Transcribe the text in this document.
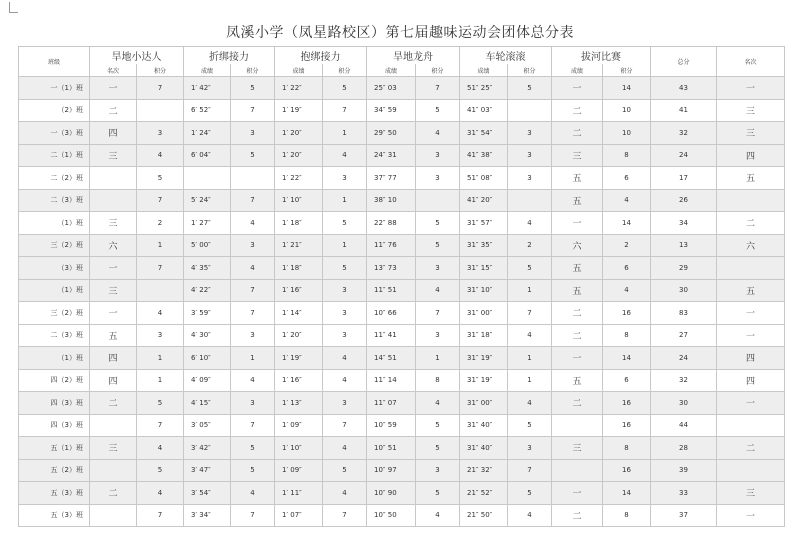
凤溪小学（凤星路校区）第七届趣味运动会团体总分表
班级	旱地小达人		折绑接力		抱绑接力		旱地龙舟		车轮滚滚		拔河比赛		总分	名次
	名次	积分	成绩	积分	成绩	积分	成绩	积分	成绩	积分	成绩	积分		
一（1）班	一	7	1′ 42″	5	1′ 22″	5	25″ 03	7	51″ 25″	5	一	14	43	一
（2）班	二		6′ 52″	7	1′ 19″	7	34″ 59	5	41″ 03″		二	10	41	三
一（3）班	四	3	1′ 24″	3	1′ 20″	1	29″ 50	4	31″ 54″	3	二	10	32	三
二（1）班	三	4	6′ 04″	5	1′ 20″	4	24″ 31	3	41″ 38″	3	三	8	24	四
二（2）班		5			1′ 22″	3	37″ 77	3	51″ 08″	3	五	6	17	五
二（3）班		7	5′ 24″	7	1′ 10″	1	38″ 10		41″ 20″		五	4	26	
（1）班	三	2	1′ 27″	4	1′ 18″	5	22″ 88	5	31″ 57″	4	一	14	34	二
三（2）班	六	1	5′ 00″	3	1′ 21″	1	11″ 76	5	31″ 35″	2	六	2	13	六
（3）班	一	7	4′ 35″	4	1′ 18″	5	13″ 73	3	31″ 15″	5	五	6	29	
（1）班	三		4′ 22″	7	1′ 16″	3	11″ 51	4	31″ 10″	1	五	4	30	五
三（2）班	一	4	3′ 59″	7	1′ 14″	3	10″ 66	7	31″ 00″	7	二	16	83	一
二（3）班	五	3	4′ 30″	3	1′ 20″	3	11″ 41	3	31″ 18″	4	二	8	27	一
（1）班	四	1	6′ 10″	1	1′ 19″	4	14″ 51	1	31″ 19″	1	一	14	24	四
四（2）班	四	1	4′ 09″	4	1′ 16″	4	11″ 14	8	31″ 19″	1	五	6	32	四
四（3）班	二	5	4′ 15″	3	1′ 13″	3	11″ 07	4	31″ 00″	4	二	16	30	一
四（3）班		7	3′ 05″	7	1′ 09″	7	10″ 59	5	31″ 40″	5		16	44	
五（1）班	三	4	3′ 42″	5	1′ 10″	4	10″ 51	5	31″ 40″	3	三	8	28	二
五（2）班		5	3′ 47″	5	1′ 09″	5	10″ 97	3	21″ 32″	7		16	39	
五（3）班	二	4	3′ 54″	4	1′ 11″	4	10″ 90	5	21″ 52″	5	一	14	33	三
五（3）班		7	3′ 34″	7	1′ 07″	7	10″ 50	4	21″ 50″	4	二	8	37	一
